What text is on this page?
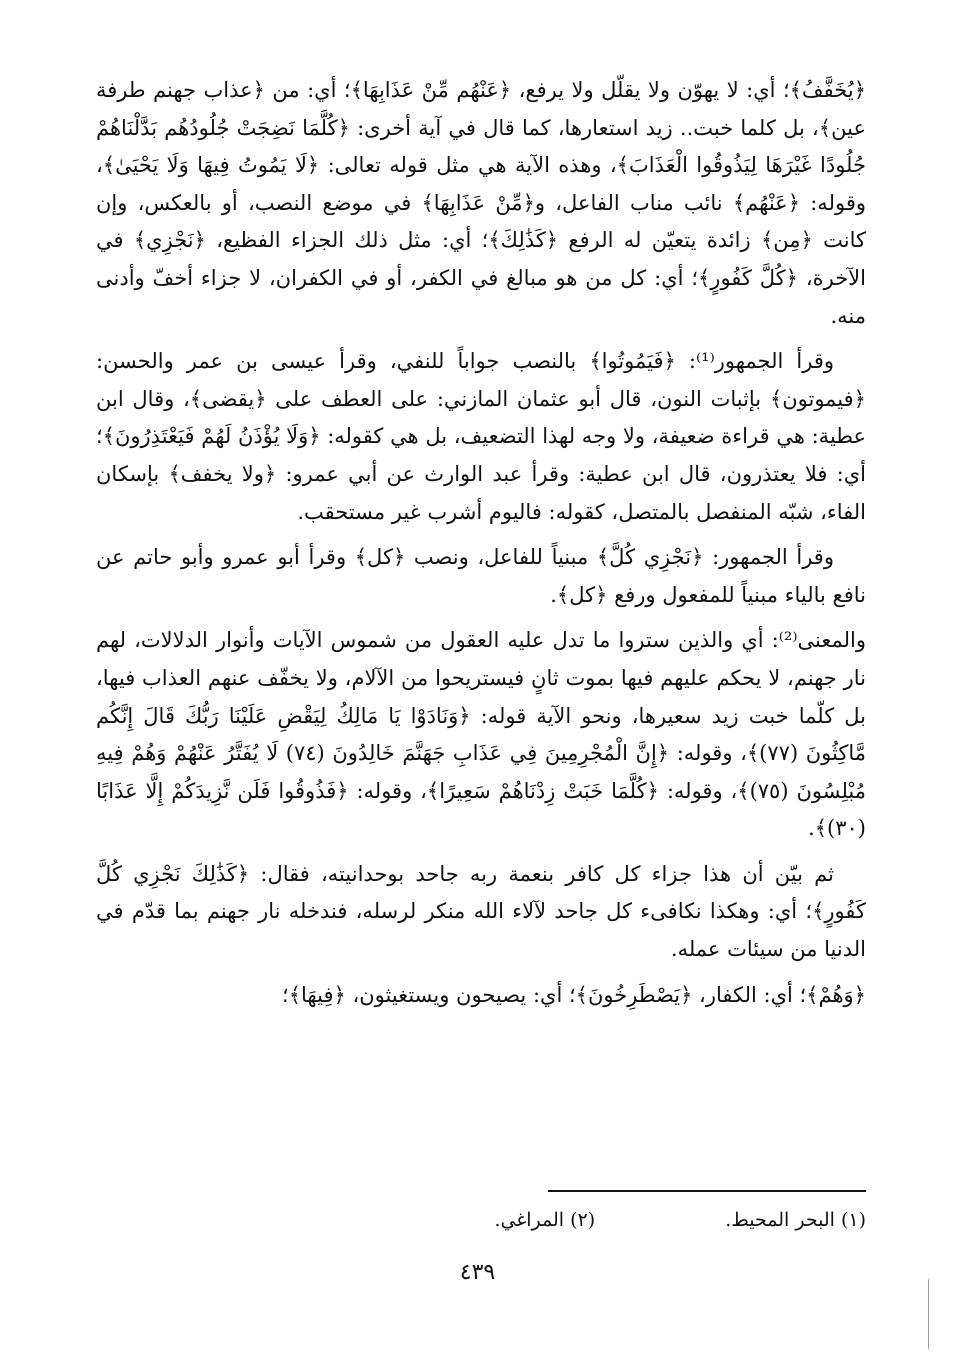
﴿يُخَفَّفُ﴾؛ أي: لا يهوّن ولا يقلّل ولا يرفع، ﴿عَنْهُم مِّنْ عَذَابِهَا﴾؛ أي: من ﴿عذاب جهنم طرفة عين﴾، بل كلما خبت.. زيد استعارها، كما قال في آية أخرى: ﴿كُلَّمَا نَضِجَتْ جُلُودُهُم بَدَّلْنَاهُمْ جُلُودًا غَيْرَهَا لِيَذُوقُوا الْعَذَابَ﴾، وهذه الآية هي مثل قوله تعالى: ﴿لَا يَمُوتُ فِيهَا وَلَا يَحْيَىٰ﴾، وقوله: ﴿عَنْهُم﴾ نائب مناب الفاعل، و﴿مِّنْ عَذَابِهَا﴾ في موضع النصب، أو بالعكس، وإن كانت ﴿مِن﴾ زائدة يتعيّن له الرفع ﴿كَذَٰلِكَ﴾؛ أي: مثل ذلك الجزاء الفظيع، ﴿نَجْزِي﴾ في الآخرة، ﴿كُلَّ كَفُورٍ﴾؛ أي: كل من هو مبالغ في الكفر، أو في الكفران، لا جزاء أخفّ وأدنى منه.

وقرأ الجمهور⁽¹⁾: ﴿فَيَمُوتُوا﴾ بالنصب جواباً للنفي، وقرأ عيسى بن عمر والحسن: ﴿فيموتون﴾ بإثبات النون، قال أبو عثمان المازني: على العطف على ﴿يقضى﴾، وقال ابن عطية: هي قراءة ضعيفة، ولا وجه لهذا التضعيف، بل هي كقوله: ﴿وَلَا يُؤْذَنُ لَهُمْ فَيَعْتَذِرُونَ﴾؛ أي: فلا يعتذرون، قال ابن عطية: وقرأ عبد الوارث عن أبي عمرو: ﴿ولا يخفف﴾ بإسكان الفاء، شبّه المنفصل بالمتصل، كقوله: فاليوم أشرب غير مستحقب.

وقرأ الجمهور: ﴿نَجْزِي كُلَّ﴾ مبنياً للفاعل، ونصب ﴿كل﴾ وقرأ أبو عمرو وأبو حاتم عن نافع بالياء مبنياً للمفعول ورفع ﴿كل﴾.

والمعنى⁽²⁾: أي والذين ستروا ما تدل عليه العقول من شموس الآيات وأنوار الدلالات، لهم نار جهنم، لا يحكم عليهم فيها بموت ثانٍ فيستريحوا من الآلام، ولا يخفّف عنهم العذاب فيها، بل كلّما خبت زيد سعيرها، ونحو الآية قوله: ﴿وَنَادَوْا يَا مَالِكُ لِيَقْضِ عَلَيْنَا رَبُّكَ قَالَ إِنَّكُم مَّاكِثُونَ (٧٧)﴾، وقوله: ﴿إِنَّ الْمُجْرِمِينَ فِي عَذَابِ جَهَنَّمَ خَالِدُونَ (٧٤) لَا يُفَتَّرُ عَنْهُمْ وَهُمْ فِيهِ مُبْلِسُونَ (٧٥)﴾، وقوله: ﴿كُلَّمَا خَبَتْ زِدْنَاهُمْ سَعِيرًا﴾، وقوله: ﴿فَذُوقُوا فَلَن نَّزِيدَكُمْ إِلَّا عَذَابًا (٣٠)﴾.

ثم بيّن أن هذا جزاء كل كافر بنعمة ربه جاحد بوحدانيته، فقال: ﴿كَذَٰلِكَ نَجْزِي كُلَّ كَفُورٍ﴾؛ أي: وهكذا نكافىء كل جاحد لآلاء الله منكر لرسله، فندخله نار جهنم بما قدّم في الدنيا من سيئات عمله.

﴿وَهُمْ﴾؛ أي: الكفار، ﴿يَصْطَرِخُونَ﴾؛ أي: يصيحون ويستغيثون، ﴿فِيهَا﴾؛

(١) البحر المحيط.(٢) المراغي.
٤٣٩
